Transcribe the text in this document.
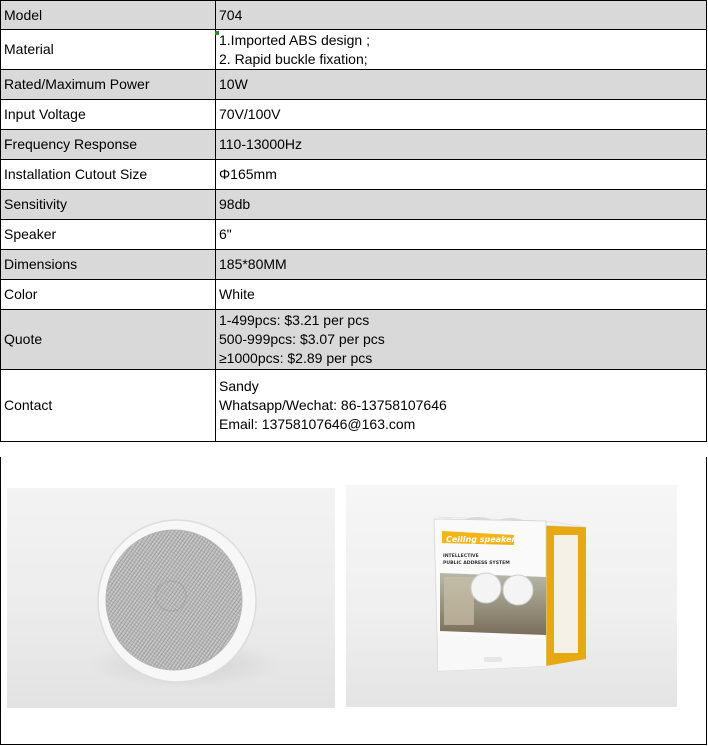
Model	704

Material	1.Imported ABS design ;
2. Rapid buckle fixation;

Rated/Maximum Power	10W

Input Voltage	70V/100V

Frequency Response	110-13000Hz

Installation Cutout Size	Φ165mm

Sensitivity	98db

Speaker	6"

Dimensions	185*80MM

Color	White

Quote	1-499pcs: $3.21 per pcs
500-999pcs: $3.07 per pcs
≥1000pcs: $2.89 per pcs

Contact	Sandy
Whatsapp/Wechat: 86-13758107646
Email: 13758107646@163.com
Ceiling speaker
INTELLECTIVE
PUBLIC ADDRESS SYSTEM
